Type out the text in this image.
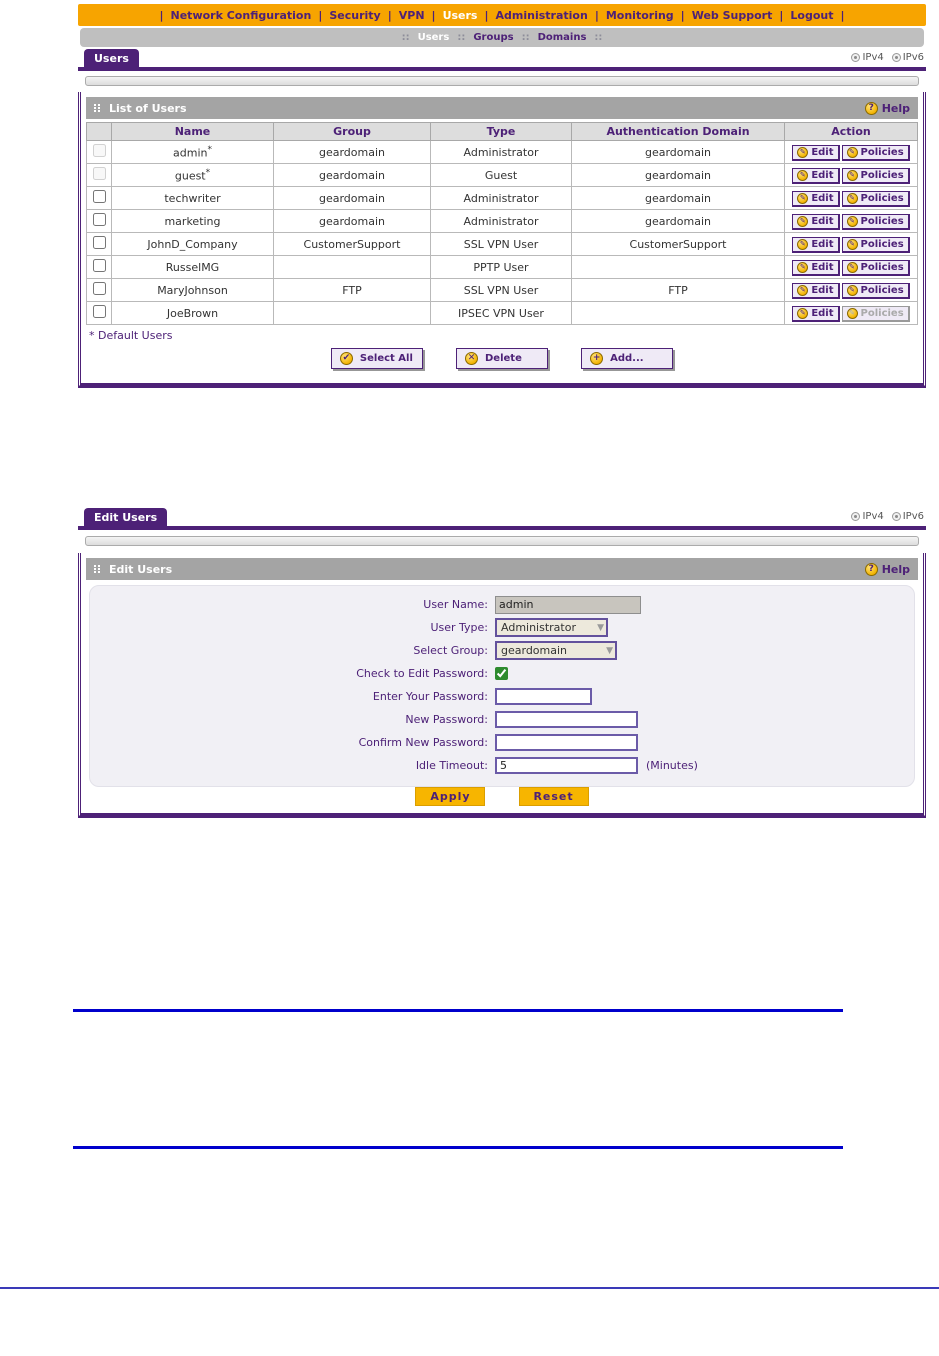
| Network Configuration | Security | VPN | Users | Administration | Monitoring | Web Support | Logout |
:: Users :: Groups :: Domains ::
Users	IPv4 IPv6
List of Users	? Help
	Name	Group	Type	Authentication Domain	Action
	admin*	geardomain	Administrator	geardomain	✎ Edit ✎ Policies

	guest*	geardomain	Guest	geardomain	✎ Edit ✎ Policies

	techwriter	geardomain	Administrator	geardomain	✎ Edit ✎ Policies

	marketing	geardomain	Administrator	geardomain	✎ Edit ✎ Policies

	JohnD_Company	CustomerSupport	SSL VPN User	CustomerSupport	✎ Edit ✎ Policies

	RusselMG		PPTP User		✎ Edit ✎ Policies

	MaryJohnson	FTP	SSL VPN User	FTP	✎ Edit ✎ Policies

	JoeBrown		IPSEC VPN User		✎ Edit ✎ Policies
* Default Users
✔ Select All
	✕ Delete
	+ Add...
Edit Users	IPv4 IPv6
Edit Users	? Help
User Name:
admin
User Type:	Administrator	▼
Select Group:	geardomain	▼
Check to Edit Password:
Enter Your Password:
New Password:
Confirm New Password:
Idle Timeout:
5	(Minutes)
Apply	Reset
